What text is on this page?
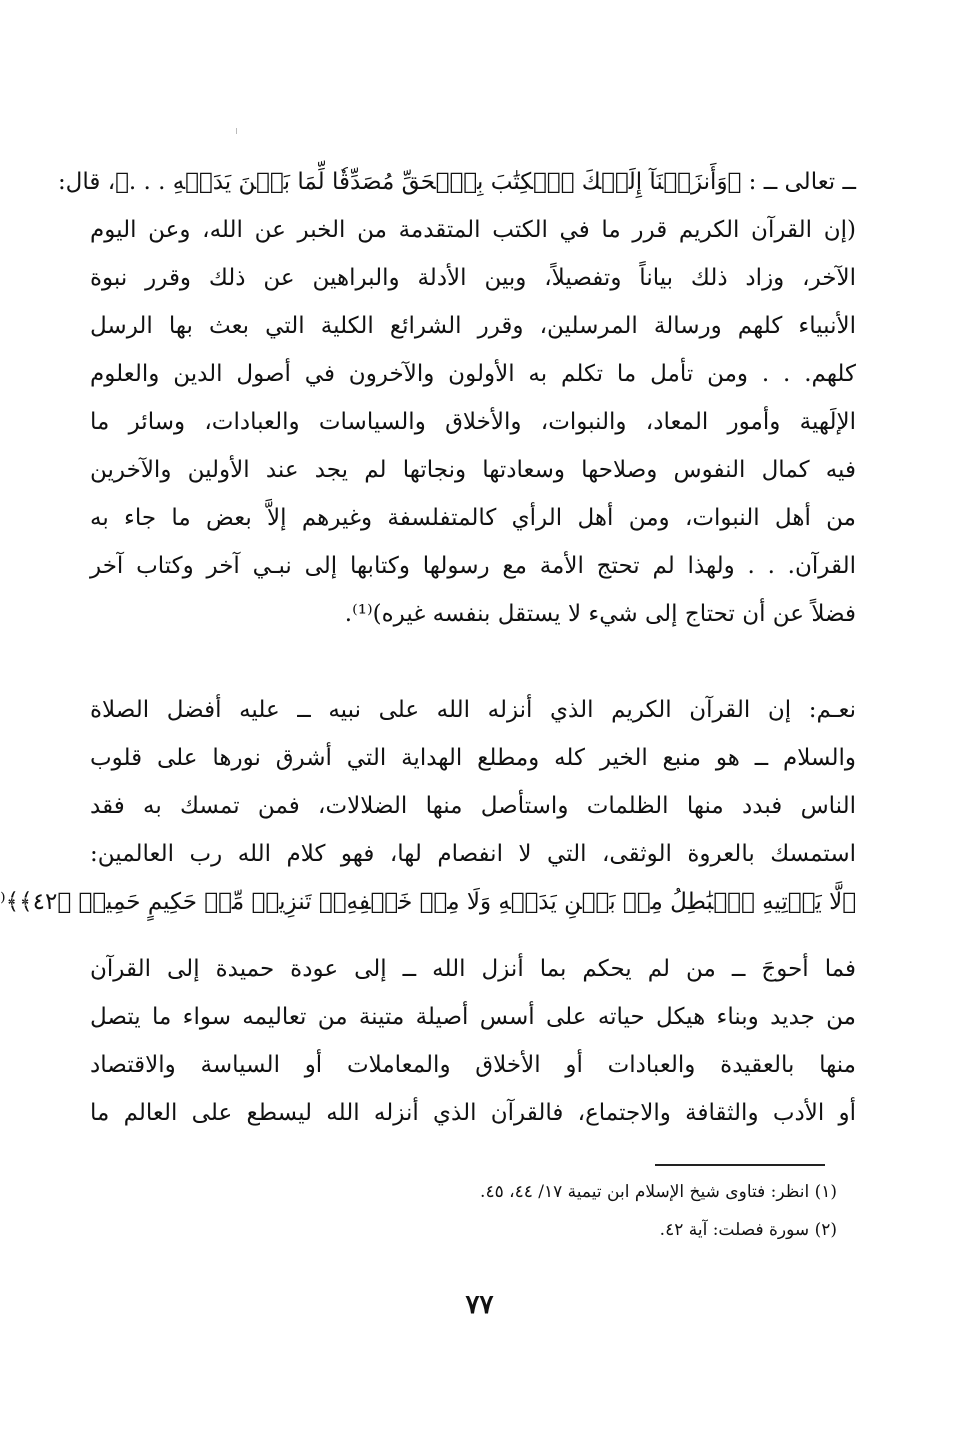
ــ تعالى ــ : ﴿وَأَنزَلۡنَآ إِلَيۡكَ ٱلۡكِتَٰبَ بِٱلۡحَقِّ مُصَدِّقٗا لِّمَا بَيۡنَ يَدَيۡهِ . . .﴾، قال:
(إن القرآن الكريم قرر ما في الكتب المتقدمة من الخبر عن الله، وعن اليوم
الآخر، وزاد ذلك بياناً وتفصيلاً، وبين الأدلة والبراهين عن ذلك وقرر نبوة
الأنبياء كلهم ورسالة المرسلين، وقرر الشرائع الكلية التي بعث بها الرسل
كلهم. . . ومن تأمل ما تكلم به الأولون والآخرون في أصول الدين والعلوم
الإلَهية وأمور المعاد، والنبوات، والأخلاق والسياسات والعبادات، وسائر ما
فيه كمال النفوس وصلاحها وسعادتها ونجاتها لم يجد عند الأولين والآخرين
من أهل النبوات، ومن أهل الرأي كالمتفلسفة وغيرهم إلاَّ بعض ما جاء به
القرآن. . . ولهذا لم تحتج الأمة مع رسولها وكتابها إلى نبـي آخر وكتاب آخر
فضلاً عن أن تحتاج إلى شيء لا يستقل بنفسه غيره)⁽¹⁾.
نعـم: إن القرآن الكريم الذي أنزله الله على نبيه ــ عليه أفضل الصلاة
والسلام ــ هو منبع الخير كله ومطلع الهداية التي أشرق نورها على قلوب
الناس فبدد منها الظلمات واستأصل منها الضلالات، فمن تمسك به فقد
استمسك بالعروة الوثقى، التي لا انفصام لها، فهو كلام الله رب العالمين:
﴿لَّا يَأۡتِيهِ ٱلۡبَٰطِلُ مِنۢ بَيۡنِ يَدَيۡهِ وَلَا مِنۡ خَلۡفِهِۦۖ تَنزِيلٞ مِّنۡ حَكِيمٍ حَمِيدٖ ﴿٤٢﴾﴾⁽
فما أحوجَ ــ من لم يحكم بما أنزل الله ــ إلى عودة حميدة إلى القرآن
من جديد وبناء هيكل حياته على أسس أصيلة متينة من تعاليمه سواء ما يتصل
منها بالعقيدة والعبادات أو الأخلاق والمعاملات أو السياسة والاقتصاد
أو الأدب والثقافة والاجتماع، فالقرآن الذي أنزله الله ليسطع على العالم ما
(١) انظر: فتاوى شيخ الإسلام ابن تيمية ١٧/ ٤٤، ٤٥.
(٢) سورة فصلت: آية ٤٢.
٧٧
